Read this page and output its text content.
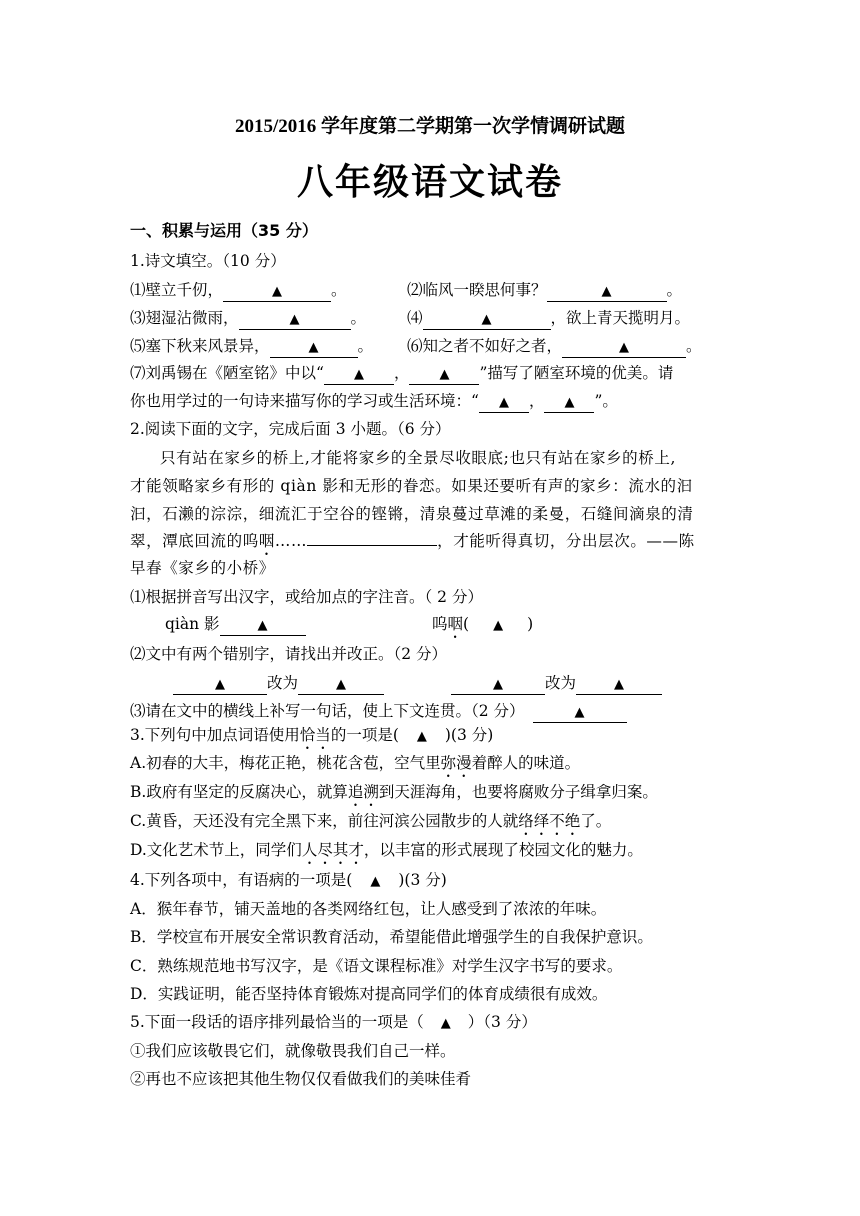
2015/2016 学年度第二学期第一次学情调研试题
八年级语文试卷
一、积累与运用（35 分）
1.诗文填空。（10 分）
⑴壁立千仞，	▲	。	⑵临风一睽思何事？	▲	。
⑶翅湿沾微雨，	▲	。	⑷	▲	，欲上青天揽明月。
⑸塞下秋来风景异，	▲	。 ⑹知之者不如好之者，	▲	。
⑺刘禹锡在《陋室铭》中以“ ▲ ， ▲ ”描写了陋室环境的优美。请
你也用学过的一句诗来描写你的学习或生活环境：“ ▲ ， ▲ ”。
2.阅读下面的文字，完成后面 3 小题。（6 分）
只有站在家乡的桥上,才能将家乡的全景尽收眼底;也只有站在家乡的桥上,
才能领略家乡有形的 qiàn 影和无形的眷恋。如果还要听有声的家乡：流水的汩
汩，石濑的淙淙，细流汇于空谷的铿锵，清泉蔓过草滩的柔曼，石缝间滴泉的清
翠，潭底回流的呜咽……	，才能听得真切，分出层次。——陈
早春《家乡的小桥》
⑴根据拼音写出汉字，或给加点的字注音。（ 2 分）
qiàn 影	▲	呜咽( ▲ )
⑵文中有两个错别字，请找出并改正。（2 分）
▲	改为	▲	▲	改为	▲
⑶请在文中的横线上补写一句话，使上下文连贯。（2 分）	▲
3.下列句中加点词语使用恰当的一项是( ▲ )(3 分)
A.初春的大丰，梅花正艳，桃花含苞，空气里弥漫着醉人的味道。
B.政府有坚定的反腐决心，就算追溯到天涯海角，也要将腐败分子缉拿归案。
C.黄昏，天还没有完全黑下来，前往河滨公园散步的人就络绎不绝了。
D.文化艺术节上，同学们人尽其才，以丰富的形式展现了校园文化的魅力。
4.下列各项中，有语病的一项是( ▲ )(3 分)
A．猴年春节，铺天盖地的各类网络红包，让人感受到了浓浓的年味。
B．学校宣布开展安全常识教育活动，希望能借此增强学生的自我保护意识。
C．熟练规范地书写汉字，是《语文课程标准》对学生汉字书写的要求。
D．实践证明，能否坚持体育锻炼对提高同学们的体育成绩很有成效。
5.下面一段话的语序排列最恰当的一项是（ ▲ ）（3 分）
①我们应该敬畏它们，就像敬畏我们自己一样。
②再也不应该把其他生物仅仅看做我们的美味佳肴
